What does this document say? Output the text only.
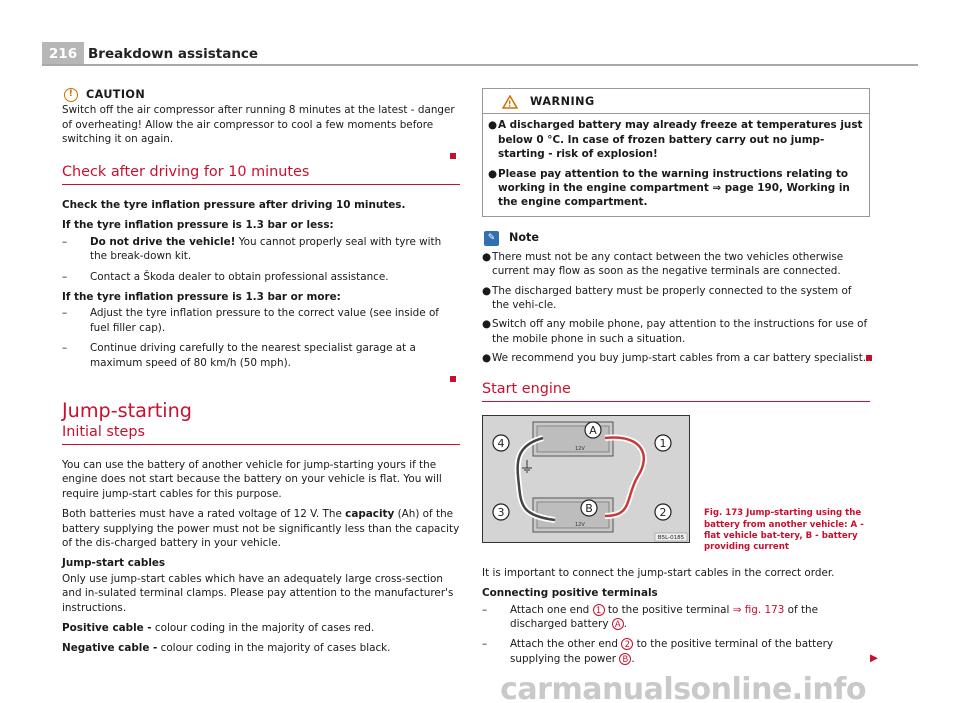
216 Breakdown assistance
!	CAUTION

Switch off the air compressor after running 8 minutes at the latest - danger of overheating! Allow the air compressor to cool a few moments before switching it on again.

Check after driving for 10 minutes

Check the tyre inflation pressure after driving 10 minutes.

If the tyre inflation pressure is 1.3 bar or less:

–	Do not drive the vehicle! You cannot properly seal with tyre with the break-down kit.
–	Contact a Škoda dealer to obtain professional assistance.

If the tyre inflation pressure is 1.3 bar or more:

–	Adjust the tyre inflation pressure to the correct value (see inside of fuel filler cap).
–	Continue driving carefully to the nearest specialist garage at a maximum speed of 80 km/h (50 mph).
Jump-starting
Initial steps

You can use the battery of another vehicle for jump-starting yours if the engine does not start because the battery on your vehicle is flat. You will require jump-start cables for this purpose.

Both batteries must have a rated voltage of 12 V. The capacity (Ah) of the battery supplying the power must not be significantly less than the capacity of the dis-charged battery in your vehicle.

Jump-start cables

Only use jump-start cables which have an adequately large cross-section and in-sulated terminal clamps. Please pay attention to the manufacturer's instructions.

Positive cable - colour coding in the majority of cases red.

Negative cable - colour coding in the majority of cases black.

! WARNING
● A discharged battery may already freeze at temperatures just below 0 °C. In case of frozen battery carry out no jump-starting - risk of explosion!
● Please pay attention to the warning instructions relating to working in the engine compartment ⇒ page 190, Working in the engine compartment.
✎	Note
● There must not be any contact between the two vehicles otherwise current may flow as soon as the negative terminals are connected.
● The discharged battery must be properly connected to the system of the vehi-cle.
● Switch off any mobile phone, pay attention to the instructions for use of the mobile phone in such a situation.
● We recommend you buy jump-start cables from a car battery specialist.
Start engine
12V
12V
4	1
3	2
A
B
B5L-0185
Fig. 173 Jump-starting using the battery from another vehicle: A - flat vehicle bat-tery, B - battery providing current

It is important to connect the jump-start cables in the correct order.

Connecting positive terminals

–	Attach one end 1 to the positive terminal ⇒ fig. 173 of the discharged battery A .
–	Attach the other end 2 to the positive terminal of the battery supplying the power B .	▶
carmanualsonline.info
